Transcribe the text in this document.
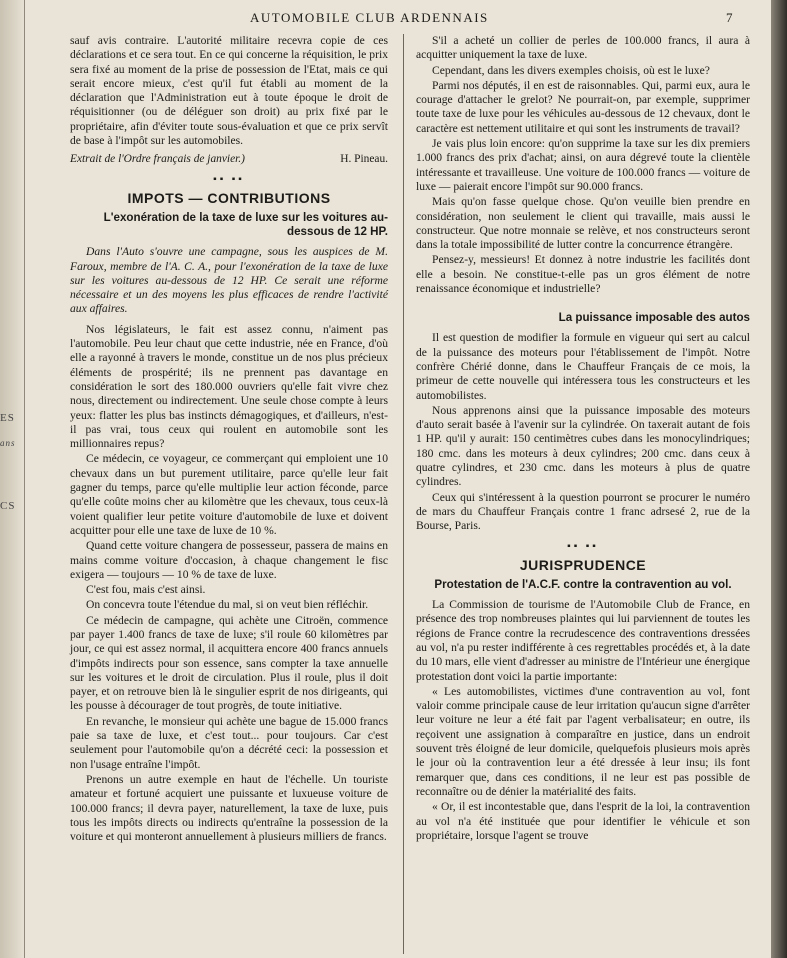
ES
ans
CS
AUTOMOBILE CLUB ARDENNAIS	7

sauf avis contraire. L'autorité militaire recevra copie de ces déclarations et ce sera tout. En ce qui concerne la réquisition, le prix sera fixé au moment de la prise de possession de l'Etat, mais ce qui serait encore mieux, c'est qu'il fut établi au moment de la déclaration que l'Administration eut à toute époque le droit de réquisitionner (ou de déléguer son droit) au prix fixé par le propriétaire, afin d'éviter toute sous-évaluation et que ce prix servît de base à l'impôt sur les automobiles.

Extrait de l'Ordre français de janvier.)	H. Pineau.
▪▪ ▪▪
IMPOTS — CONTRIBUTIONS
L'exonération de la taxe de luxe sur les voitures au-dessous de 12 HP.

Dans l'Auto s'ouvre une campagne, sous les auspices de M. Faroux, membre de l'A. C. A., pour l'exonération de la taxe de luxe sur les voitures au-dessous de 12 HP. Ce serait une réforme nécessaire et un des moyens les plus efficaces de rendre l'activité aux affaires.

Nos législateurs, le fait est assez connu, n'aiment pas l'automobile. Peu leur chaut que cette industrie, née en France, d'où elle a rayonné à travers le monde, constitue un de nos plus précieux éléments de prospérité; ils ne prennent pas davantage en considération le sort des 180.000 ouvriers qu'elle fait vivre chez nous, directement ou indirectement. Une seule chose compte à leurs yeux: flatter les plus bas instincts démagogiques, et d'ailleurs, n'est-il pas vrai, tous ceux qui roulent en automobile sont les millionnaires repus?

Ce médecin, ce voyageur, ce commerçant qui emploient une 10 chevaux dans un but purement utilitaire, parce qu'elle leur fait gagner du temps, parce qu'elle multiplie leur action féconde, parce qu'elle coûte moins cher au kilomètre que les chevaux, tous ceux-là voient qualifier leur petite voiture d'automobile de luxe et doivent acquitter pour elle une taxe de luxe de 10 %.

Quand cette voiture changera de possesseur, passera de mains en mains comme voiture d'occasion, à chaque changement le fisc exigera — toujours — 10 % de taxe de luxe.

C'est fou, mais c'est ainsi.

On concevra toute l'étendue du mal, si on veut bien réfléchir.

Ce médecin de campagne, qui achète une Citroën, commence par payer 1.400 francs de taxe de luxe; s'il roule 60 kilomètres par jour, ce qui est assez normal, il acquittera encore 400 francs annuels d'impôts indirects pour son essence, sans compter la taxe annuelle sur les voitures et le droit de circulation. Plus il roule, plus il doit payer, et on retrouve bien là le singulier esprit de nos dirigeants, qui les pousse à décourager de tout progrès, de toute initiative.

En revanche, le monsieur qui achète une bague de 15.000 francs paie sa taxe de luxe, et c'est tout... pour toujours. Car c'est seulement pour l'automobile qu'on a décrété ceci: la possession et non l'usage entraîne l'impôt.

Prenons un autre exemple en haut de l'échelle. Un touriste amateur et fortuné acquiert une puissante et luxueuse voiture de 100.000 francs; il devra payer, naturellement, la taxe de luxe, puis tous les impôts directs ou indirects qu'entraîne la possession de la voiture et qui monteront annuellement à plusieurs milliers de francs.

S'il a acheté un collier de perles de 100.000 francs, il aura à acquitter uniquement la taxe de luxe.

Cependant, dans les divers exemples choisis, où est le luxe?

Parmi nos députés, il en est de raisonnables. Qui, parmi eux, aura le courage d'attacher le grelot? Ne pourrait-on, par exemple, supprimer toute taxe de luxe pour les véhicules au-dessous de 12 chevaux, dont le caractère est nettement utilitaire et qui sont les instruments de travail?

Je vais plus loin encore: qu'on supprime la taxe sur les dix premiers 1.000 francs des prix d'achat; ainsi, on aura dégrevé toute la clientèle intéressante et travailleuse. Une voiture de 100.000 francs — voiture de luxe — paierait encore l'impôt sur 90.000 francs.

Mais qu'on fasse quelque chose. Qu'on veuille bien prendre en considération, non seulement le client qui travaille, mais aussi le constructeur. Que notre monnaie se relève, et nos constructeurs seront dans la totale impossibilité de lutter contre la concurrence étrangère.

Pensez-y, messieurs! Et donnez à notre industrie les facilités dont elle a besoin. Ne constitue-t-elle pas un gros élément de notre renaissance économique et industrielle?

La puissance imposable des autos

Il est question de modifier la formule en vigueur qui sert au calcul de la puissance des moteurs pour l'établissement de l'impôt. Notre confrère Chérié donne, dans le Chauffeur Français de ce mois, la primeur de cette nouvelle qui intéressera tous les constructeurs et les automobilistes.

Nous apprenons ainsi que la puissance imposable des moteurs d'auto serait basée à l'avenir sur la cylindrée. On taxerait autant de fois 1 HP. qu'il y aurait: 150 centimètres cubes dans les monocylindriques; 180 cmc. dans les moteurs à deux cylindres; 200 cmc. dans ceux à quatre cylindres, et 230 cmc. dans les moteurs à plus de quatre cylindres.

Ceux qui s'intéressent à la question pourront se procurer le numéro de mars du Chauffeur Français contre 1 franc adrsesé 2, rue de la Bourse, Paris.

▪▪ ▪▪
JURISPRUDENCE
Protestation de l'A.C.F. contre la contravention au vol.

La Commission de tourisme de l'Automobile Club de France, en présence des trop nombreuses plaintes qui lui parviennent de toutes les régions de France contre la recrudescence des contraventions dressées au vol, n'a pu rester indifférente à ces regrettables procédés et, à la date du 10 mars, elle vient d'adresser au ministre de l'Intérieur une énergique protestation dont voici la partie importante:

« Les automobilistes, victimes d'une contravention au vol, font valoir comme principale cause de leur irritation qu'aucun signe d'arrêter leur voiture ne leur a été fait par l'agent verbalisateur; en outre, ils reçoivent une assignation à comparaître en justice, dans un endroit souvent très éloigné de leur domicile, quelquefois plusieurs mois après le jour où la contravention leur a été dressée à leur insu; ils font remarquer que, dans ces conditions, il ne leur est pas possible de reconnaître ou de dénier la matérialité des faits.

« Or, il est incontestable que, dans l'esprit de la loi, la contravention au vol n'a été instituée que pour identifier le véhicule et son propriétaire, lorsque l'agent se trouve
